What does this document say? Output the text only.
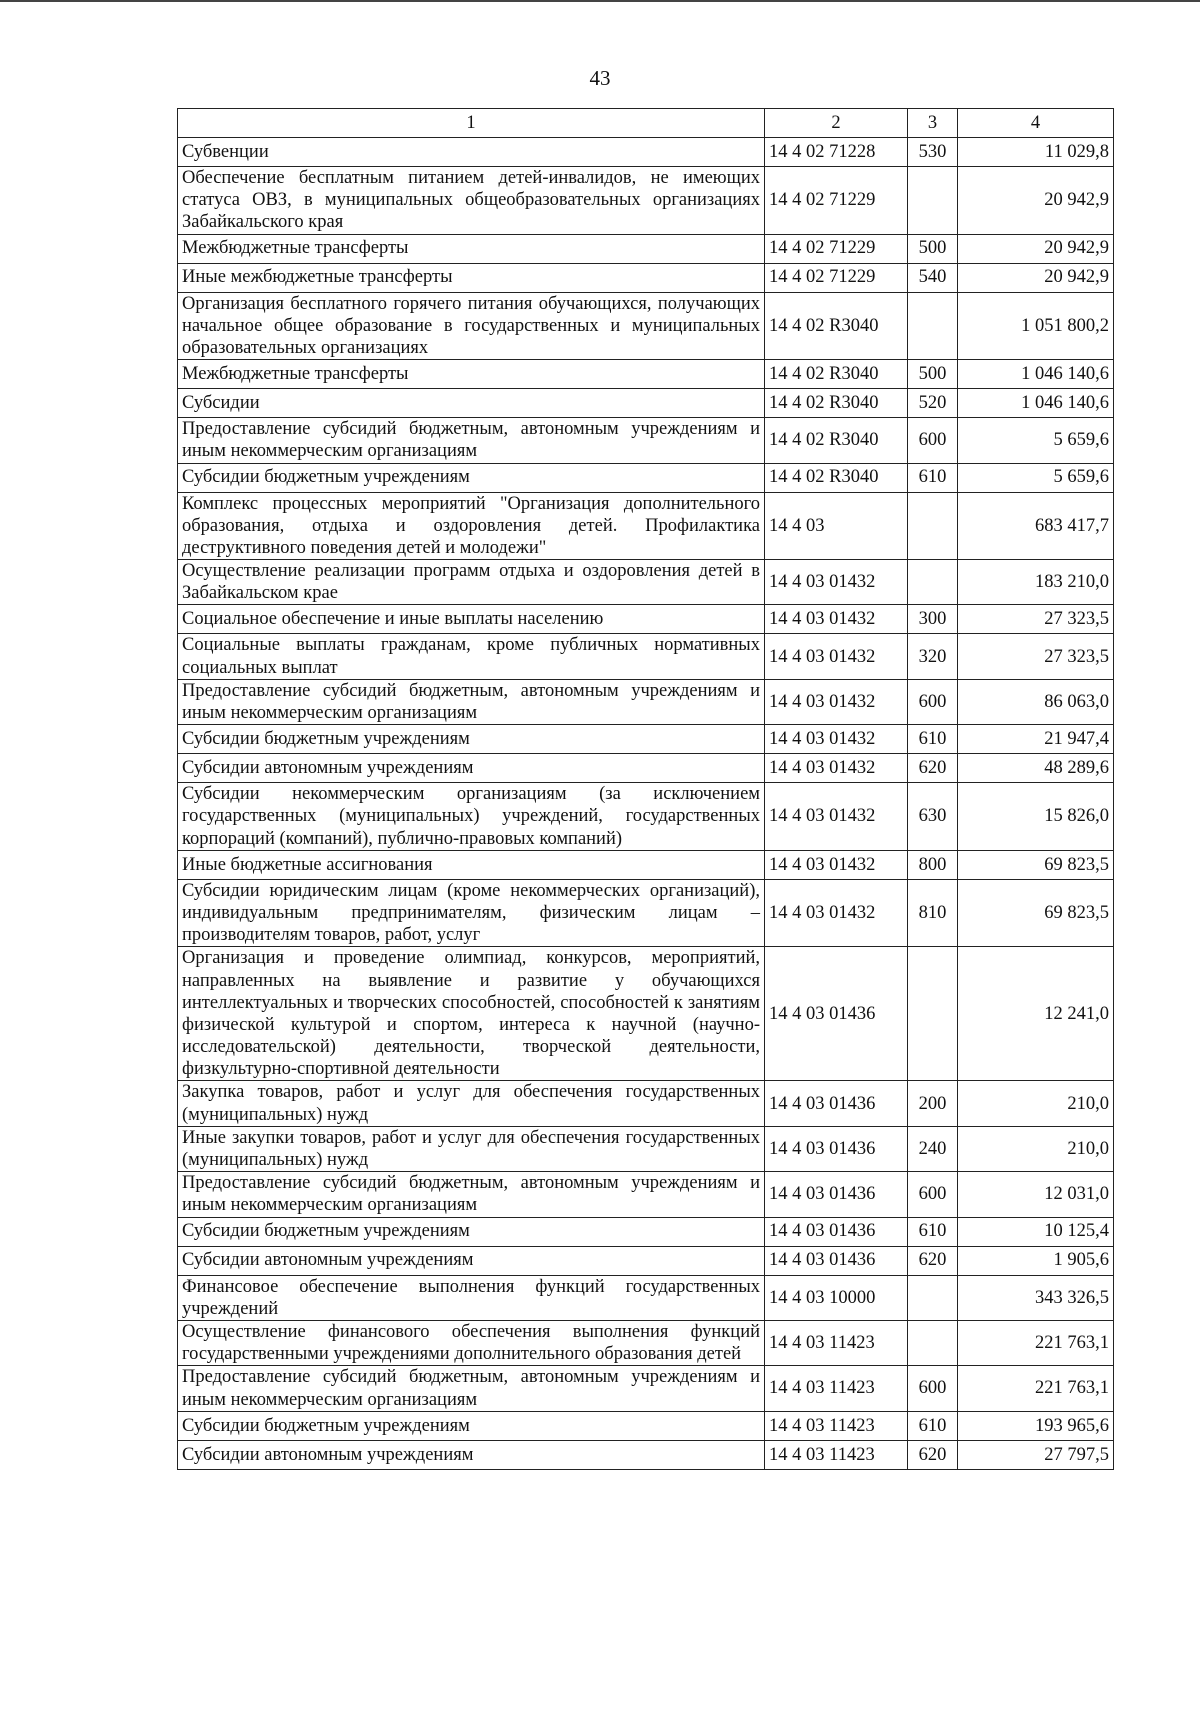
43
1	2	3	4
Субвенции	14 4 02 71228	530	11 029,8
Обеспечение бесплатным питанием детей-инвалидов, не имеющих статуса ОВЗ, в муниципальных общеобразовательных организациях Забайкальского края	14 4 02 71229		20 942,9
Межбюджетные трансферты	14 4 02 71229	500	20 942,9
Иные межбюджетные трансферты	14 4 02 71229	540	20 942,9
Организация бесплатного горячего питания обучающихся, получающих начальное общее образование в государственных и муниципальных образовательных организациях	14 4 02 R3040		1 051 800,2
Межбюджетные трансферты	14 4 02 R3040	500	1 046 140,6
Субсидии	14 4 02 R3040	520	1 046 140,6
Предоставление субсидий бюджетным, автономным учреждениям и иным некоммерческим организациям	14 4 02 R3040	600	5 659,6
Субсидии бюджетным учреждениям	14 4 02 R3040	610	5 659,6
Комплекс процессных мероприятий "Организация дополнительного образования, отдыха и оздоровления детей. Профилактика деструктивного поведения детей и молодежи"	14 4 03		683 417,7
Осуществление реализации программ отдыха и оздоровления детей в Забайкальском крае	14 4 03 01432		183 210,0
Социальное обеспечение и иные выплаты населению	14 4 03 01432	300	27 323,5
Социальные выплаты гражданам, кроме публичных нормативных социальных выплат	14 4 03 01432	320	27 323,5
Предоставление субсидий бюджетным, автономным учреждениям и иным некоммерческим организациям	14 4 03 01432	600	86 063,0
Субсидии бюджетным учреждениям	14 4 03 01432	610	21 947,4
Субсидии автономным учреждениям	14 4 03 01432	620	48 289,6
Субсидии некоммерческим организациям (за исключением государственных (муниципальных) учреждений, государственных корпораций (компаний), публично-правовых компаний)	14 4 03 01432	630	15 826,0
Иные бюджетные ассигнования	14 4 03 01432	800	69 823,5
Субсидии юридическим лицам (кроме некоммерческих организаций), индивидуальным предпринимателям, физическим лицам – производителям товаров, работ, услуг	14 4 03 01432	810	69 823,5
Организация и проведение олимпиад, конкурсов, мероприятий, направленных на выявление и развитие у обучающихся интеллектуальных и творческих способностей, способностей к занятиям физической культурой и спортом, интереса к научной (научно-исследовательской) деятельности, творческой деятельности, физкультурно-спортивной деятельности	14 4 03 01436		12 241,0
Закупка товаров, работ и услуг для обеспечения государственных (муниципальных) нужд	14 4 03 01436	200	210,0
Иные закупки товаров, работ и услуг для обеспечения государственных (муниципальных) нужд	14 4 03 01436	240	210,0
Предоставление субсидий бюджетным, автономным учреждениям и иным некоммерческим организациям	14 4 03 01436	600	12 031,0
Субсидии бюджетным учреждениям	14 4 03 01436	610	10 125,4
Субсидии автономным учреждениям	14 4 03 01436	620	1 905,6
Финансовое обеспечение выполнения функций государственных учреждений	14 4 03 10000		343 326,5
Осуществление финансового обеспечения выполнения функций государственными учреждениями дополнительного образования детей	14 4 03 11423		221 763,1
Предоставление субсидий бюджетным, автономным учреждениям и иным некоммерческим организациям	14 4 03 11423	600	221 763,1
Субсидии бюджетным учреждениям	14 4 03 11423	610	193 965,6
Субсидии автономным учреждениям	14 4 03 11423	620	27 797,5
